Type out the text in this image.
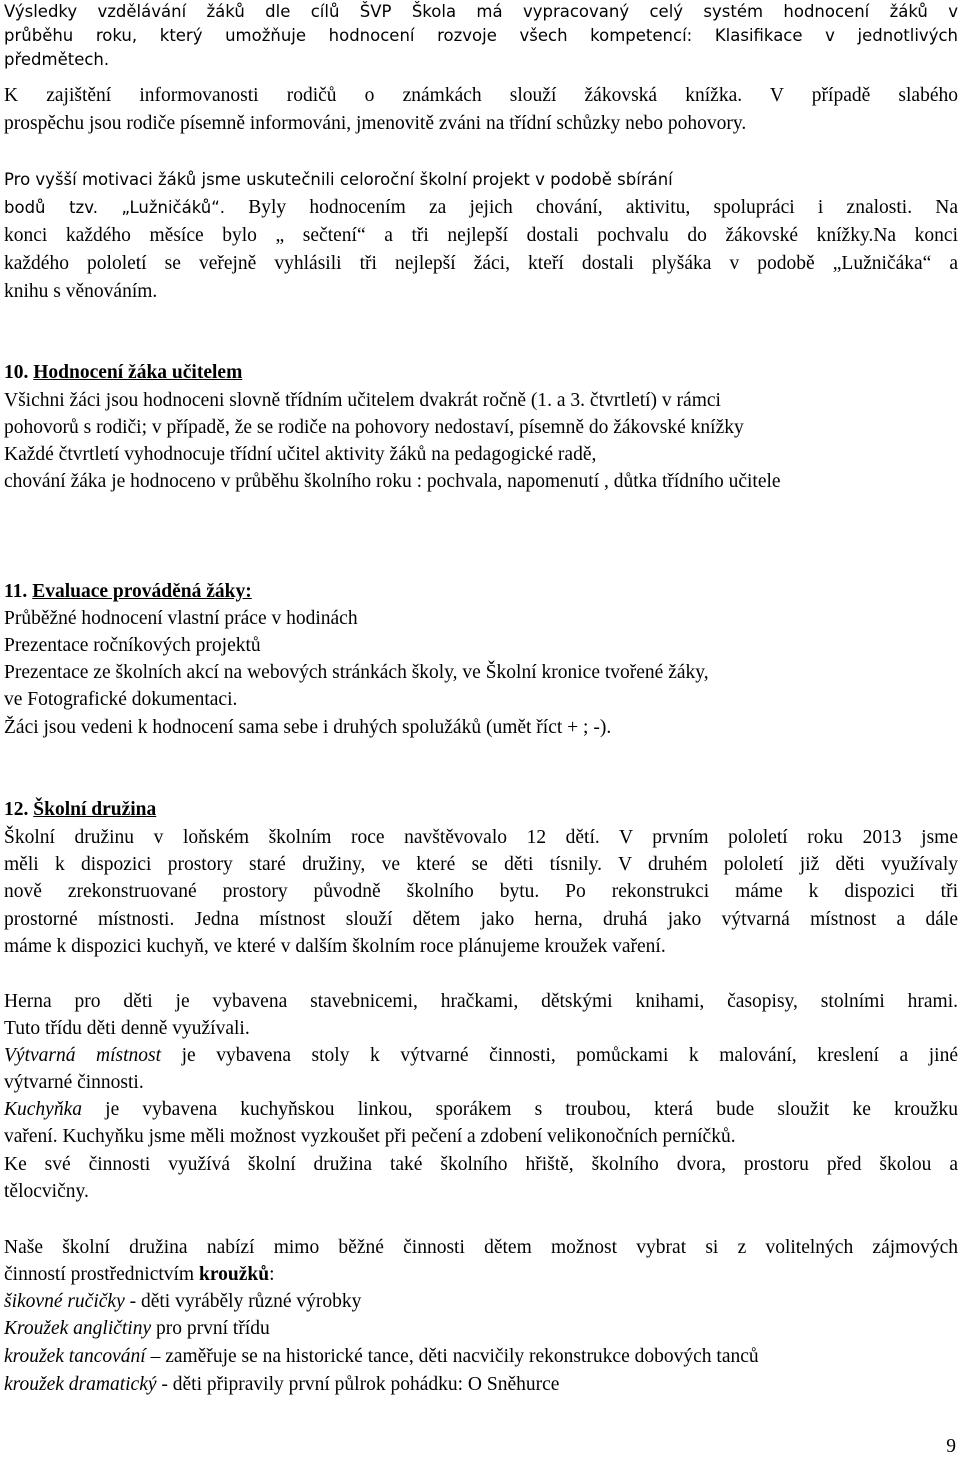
Výsledky vzdělávání žáků dle cílů ŠVP Škola má vypracovaný celý systém hodnocení žáků v

průběhu roku, který umožňuje hodnocení rozvoje všech kompetencí: Klasifikace v jednotlivých

předmětech.

K zajištění informovanosti rodičů o známkách slouží žákovská knížka. V případě slabého

prospěchu jsou rodiče písemně informováni, jmenovitě zváni na třídní schůzky nebo pohovory.

Pro vyšší motivaci žáků jsme uskutečnili celoroční školní projekt v podobě sbírání

bodů tzv. „Lužničáků“. Byly hodnocením za jejich chování, aktivitu, spolupráci i znalosti. Na

konci každého měsíce bylo „ sečtení“ a tři nejlepší dostali pochvalu do žákovské knížky.Na konci

každého pololetí se veřejně vyhlásili tři nejlepší žáci, kteří dostali plyšáka v podobě „Lužničáka“ a

knihu s věnováním.

10. Hodnocení žáka učitelem

Všichni žáci jsou hodnoceni slovně třídním učitelem dvakrát ročně (1. a 3. čtvrtletí) v rámci

pohovorů s rodiči; v případě, že se rodiče na pohovory nedostaví, písemně do žákovské knížky

Každé čtvrtletí vyhodnocuje třídní učitel aktivity žáků na pedagogické radě,

chování žáka je hodnoceno v průběhu školního roku : pochvala, napomenutí , důtka třídního učitele

11. Evaluace prováděná žáky:

Průběžné hodnocení vlastní práce v hodinách

Prezentace ročníkových projektů

Prezentace ze školních akcí na webových stránkách školy, ve Školní kronice tvořené žáky,

ve Fotografické dokumentaci.

Žáci jsou vedeni k hodnocení sama sebe i druhých spolužáků (umět říct + ; -).

12. Školní družina

Školní družinu v loňském školním roce navštěvovalo 12 dětí. V prvním pololetí roku 2013 jsme

měli k dispozici prostory staré družiny, ve které se děti tísnily. V druhém pololetí již děti využívaly

nově zrekonstruované prostory původně školního bytu. Po rekonstrukci máme k dispozici tři

prostorné místnosti. Jedna místnost slouží dětem jako herna, druhá jako výtvarná místnost a dále

máme k dispozici kuchyň, ve které v dalším školním roce plánujeme kroužek vaření.

Herna pro děti je vybavena stavebnicemi, hračkami, dětskými knihami, časopisy, stolními hrami.

Tuto třídu děti denně využívali.

Výtvarná místnost je vybavena stoly k výtvarné činnosti, pomůckami k malování, kreslení a jiné

výtvarné činnosti.

Kuchyňka je vybavena kuchyňskou linkou, sporákem s troubou, která bude sloužit ke kroužku

vaření. Kuchyňku jsme měli možnost vyzkoušet při pečení a zdobení velikonočních perníčků.

Ke své činnosti využívá školní družina také školního hřiště, školního dvora, prostoru před školou a

tělocvičny.

Naše školní družina nabízí mimo běžné činnosti dětem možnost vybrat si z volitelných zájmových

činností prostřednictvím kroužků:

šikovné ručičky - děti vyráběly různé výrobky

Kroužek angličtiny pro první třídu

kroužek tancování – zaměřuje se na historické tance, děti nacvičily rekonstrukce dobových tanců

kroužek dramatický - děti připravily první půlrok pohádku: O Sněhurce

9
